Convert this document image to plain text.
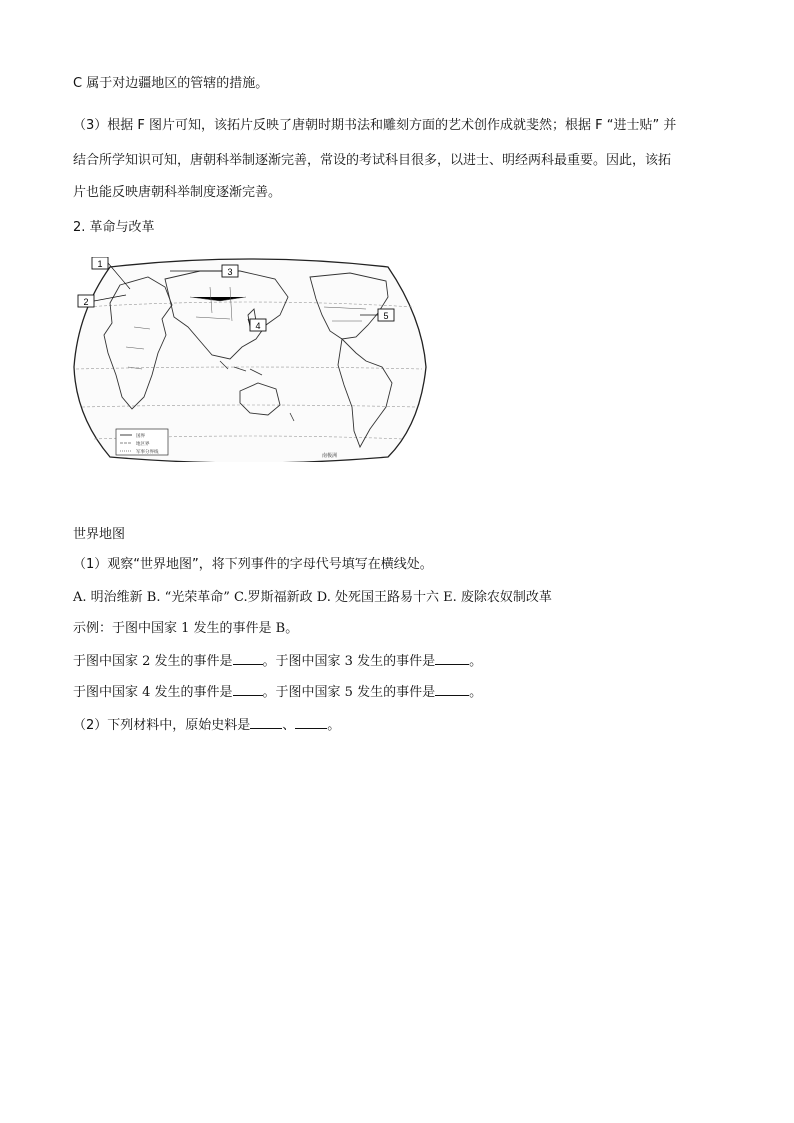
C 属于对边疆地区的管辖的措施。
（3）根据 F 图片可知，该拓片反映了唐朝时期书法和雕刻方面的艺术创作成就斐然；根据 F “进士贴” 并
结合所学知识可知，唐朝科举制逐渐完善，常设的考试科目很多，以进士、明经两科最重要。因此，该拓
片也能反映唐朝科举制度逐渐完善。
2. 革命与改革
1
2
3
4
5
国界
地区界
军事分界线
南极洲
世界地图
（1）观察“世界地图”，将下列事件的字母代号填写在横线处。
A. 明治维新 B. “光荣革命” C.罗斯福新政 D. 处死国王路易十六 E. 废除农奴制改革
示例：于图中国家 1 发生的事件是 B。
于图中国家 2 发生的事件是 。于图中国家 3 发生的事件是	。
于图中国家 4 发生的事件是 。于图中国家 5 发生的事件是	。
（2）下列材料中，原始史料是 、 。
